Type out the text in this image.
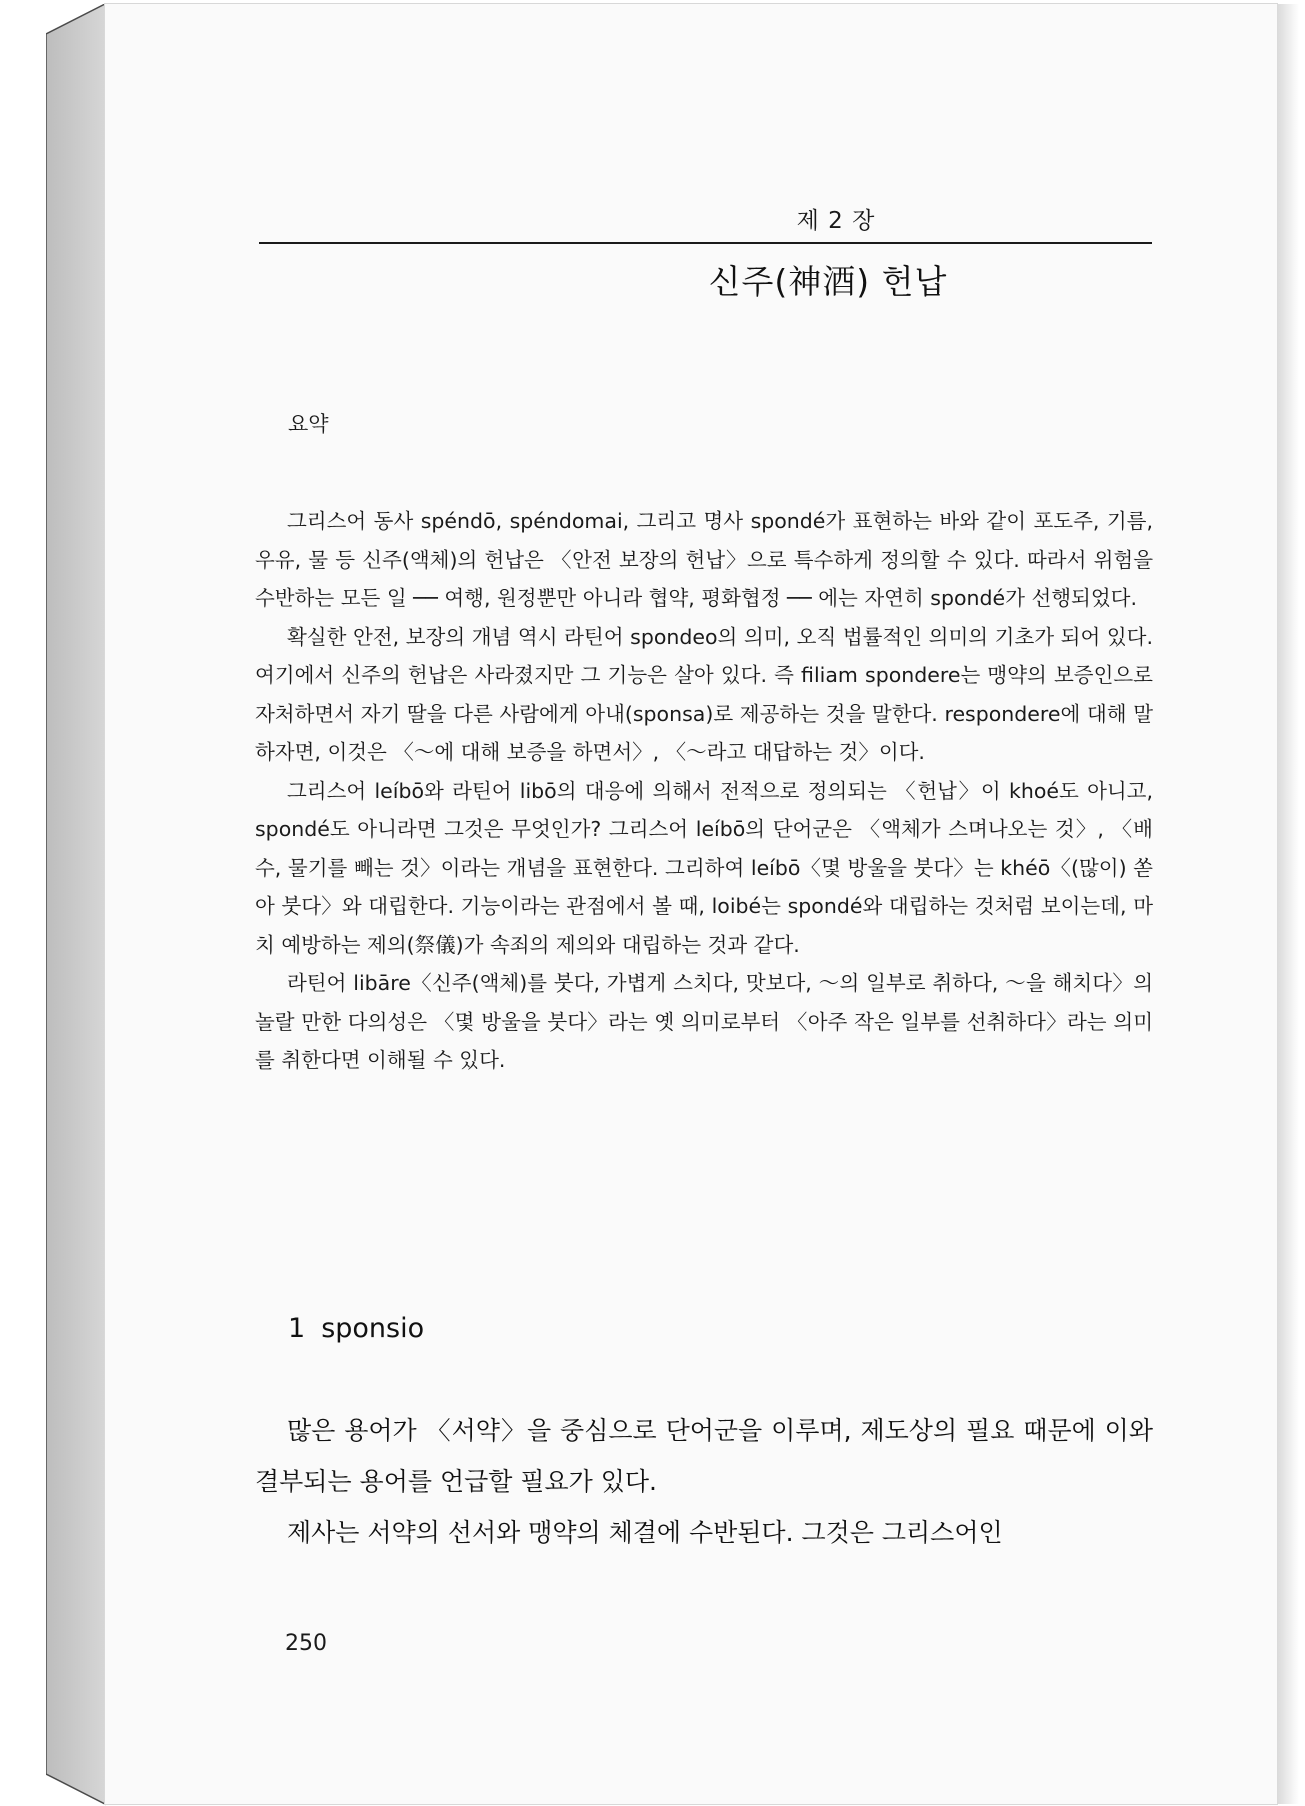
제 2 장
신주(神酒) 헌납
요약

그리스어 동사 spéndō, spéndomai, 그리고 명사 spondé가 표현하는 바와 같이 포도주, 기름, 우유, 물 등 신주(액체)의 헌납은 〈안전 보장의 헌납〉으로 특수하게 정의할 수 있다. 따라서 위험을 수반하는 모든 일 ── 여행, 원정뿐만 아니라 협약, 평화협정 ── 에는 자연히 spondé가 선행되었다.

확실한 안전, 보장의 개념 역시 라틴어 spondeo의 의미, 오직 법률적인 의미의 기초가 되어 있다. 여기에서 신주의 헌납은 사라졌지만 그 기능은 살아 있다. 즉 filiam spondere는 맹약의 보증인으로 자처하면서 자기 딸을 다른 사람에게 아내(sponsa)로 제공하는 것을 말한다. respondere에 대해 말하자면, 이것은 〈～에 대해 보증을 하면서〉, 〈～라고 대답하는 것〉이다.

그리스어 leíbō와 라틴어 libō의 대응에 의해서 전적으로 정의되는 〈헌납〉이 khoé도 아니고, spondé도 아니라면 그것은 무엇인가? 그리스어 leíbō의 단어군은 〈액체가 스며나오는 것〉, 〈배수, 물기를 빼는 것〉이라는 개념을 표현한다. 그리하여 leíbō〈몇 방울을 붓다〉는 khéō〈(많이) 쏟아 붓다〉와 대립한다. 기능이라는 관점에서 볼 때, loibé는 spondé와 대립하는 것처럼 보이는데, 마치 예방하는 제의(祭儀)가 속죄의 제의와 대립하는 것과 같다.

라틴어 libāre〈신주(액체)를 붓다, 가볍게 스치다, 맛보다, ～의 일부로 취하다, ～을 해치다〉의 놀랄 만한 다의성은 〈몇 방울을 붓다〉라는 옛 의미로부터 〈아주 작은 일부를 선취하다〉라는 의미를 취한다면 이해될 수 있다.

1 sponsio

많은 용어가 〈서약〉을 중심으로 단어군을 이루며, 제도상의 필요 때문에 이와 결부되는 용어를 언급할 필요가 있다.

제사는 서약의 선서와 맹약의 체결에 수반된다. 그것은 그리스어인

250
